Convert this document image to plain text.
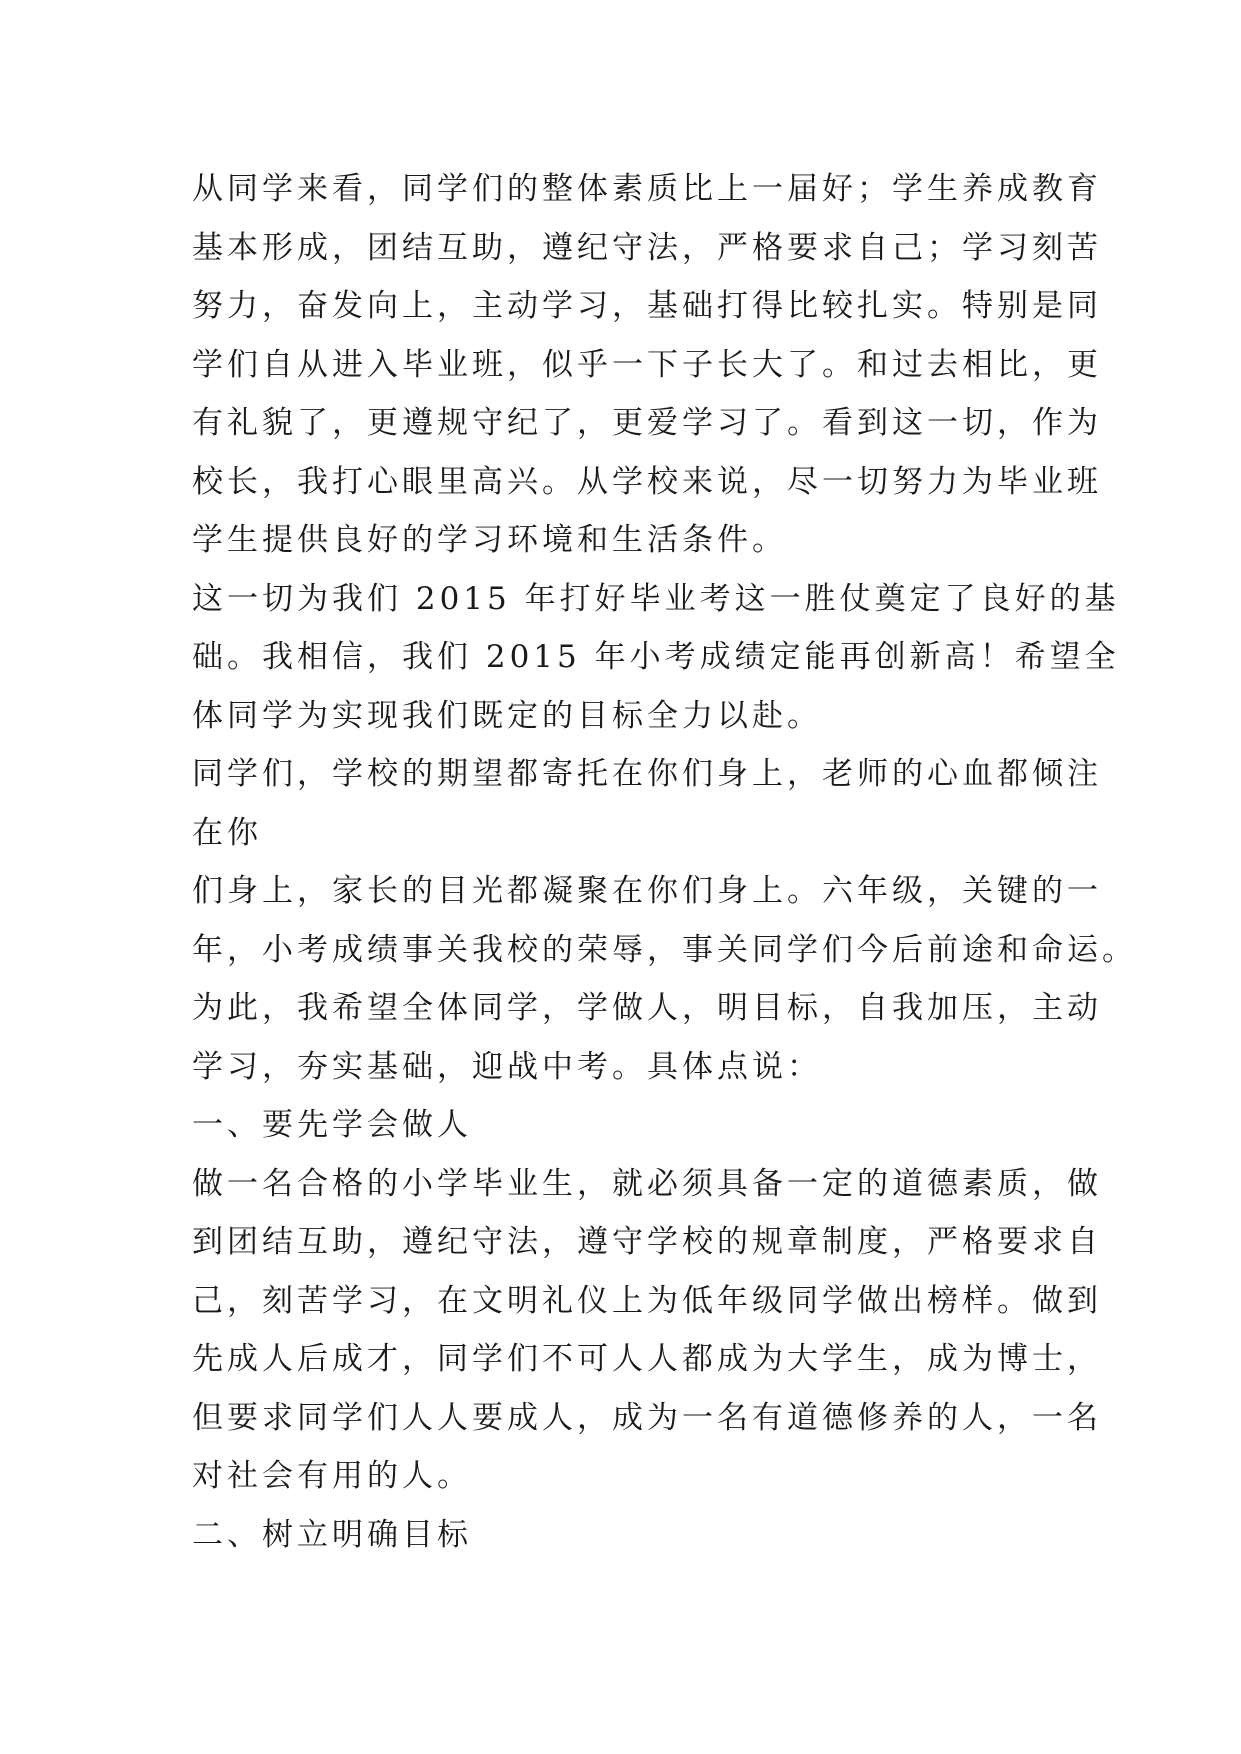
从同学来看，同学们的整体素质比上一届好；学生养成教育
基本形成，团结互助，遵纪守法，严格要求自己；学习刻苦
努力，奋发向上，主动学习，基础打得比较扎实。特别是同
学们自从进入毕业班，似乎一下子长大了。和过去相比，更
有礼貌了，更遵规守纪了，更爱学习了。看到这一切，作为
校长，我打心眼里高兴。从学校来说，尽一切努力为毕业班
学生提供良好的学习环境和生活条件。
这一切为我们 2015 年打好毕业考这一胜仗奠定了良好的基
础。我相信，我们 2015 年小考成绩定能再创新高！希望全
体同学为实现我们既定的目标全力以赴。
同学们，学校的期望都寄托在你们身上，老师的心血都倾注
在你
们身上，家长的目光都凝聚在你们身上。六年级，关键的一
年，小考成绩事关我校的荣辱，事关同学们今后前途和命运。
为此，我希望全体同学，学做人，明目标，自我加压，主动
学习，夯实基础，迎战中考。具体点说：
一、要先学会做人
做一名合格的小学毕业生，就必须具备一定的道德素质，做
到团结互助，遵纪守法，遵守学校的规章制度，严格要求自
己，刻苦学习，在文明礼仪上为低年级同学做出榜样。做到
先成人后成才，同学们不可人人都成为大学生，成为博士，
但要求同学们人人要成人，成为一名有道德修养的人，一名
对社会有用的人。
二、树立明确目标
